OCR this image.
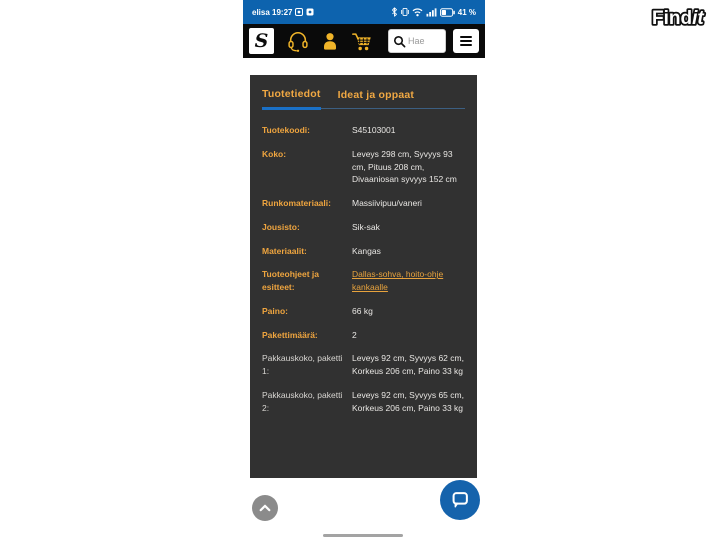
Findit
elisa 19:27	41 %
S
Hae
Tuotetiedot Ideat ja oppaat
Tuotekoodi:	S45103001
Koko:	Leveys 298 cm, Syvyys 93 cm, Pituus 208 cm, Divaaniosan syvyys 152 cm
Runkomateriaali:	Massiivipuu/vaneri
Jousisto:	Sik-sak
Materiaalit:	Kangas
Tuoteohjeet ja esitteet:
Dallas-sohva, hoito-ohje kankaalle
Paino:	66 kg
Pakettimäärä:	2
Pakkauskoko, paketti 1:
Leveys 92 cm, Syvyys 62 cm, Korkeus 206 cm, Paino 33 kg
Pakkauskoko, paketti 2:
Leveys 92 cm, Syvyys 65 cm, Korkeus 206 cm, Paino 33 kg
